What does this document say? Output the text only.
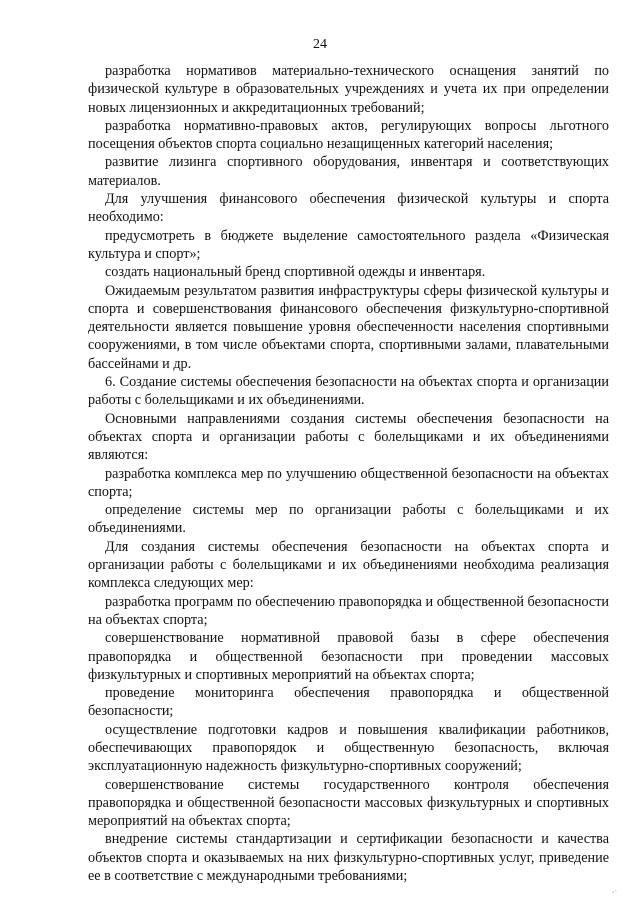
24

разработка нормативов материально-технического оснащения занятий по физической культуре в образовательных учреждениях и учета их при определении новых лицензионных и аккредитационных требований;

разработка нормативно-правовых актов, регулирующих вопросы льготного посещения объектов спорта социально незащищенных категорий населения;

развитие лизинга спортивного оборудования, инвентаря и соответствующих материалов.

Для улучшения финансового обеспечения физической культуры и спорта необходимо:

предусмотреть в бюджете выделение самостоятельного раздела «Физическая культура и спорт»;

создать национальный бренд спортивной одежды и инвентаря.

Ожидаемым результатом развития инфраструктуры сферы физической культуры и спорта и совершенствования финансового обеспечения физкультурно-спортивной деятельности является повышение уровня обеспеченности населения спортивными сооружениями, в том числе объектами спорта, спортивными залами, плавательными бассейнами и др.

6. Создание системы обеспечения безопасности на объектах спорта и организации работы с болельщиками и их объединениями.

Основными направлениями создания системы обеспечения безопасности на объектах спорта и организации работы с болельщиками и их объединениями являются:

разработка комплекса мер по улучшению общественной безопасности на объектах спорта;

определение системы мер по организации работы с болельщиками и их объединениями.

Для создания системы обеспечения безопасности на объектах спорта и организации работы с болельщиками и их объединениями необходима реализация комплекса следующих мер:

разработка программ по обеспечению правопорядка и общественной безопасности на объектах спорта;

совершенствование нормативной правовой базы в сфере обеспечения правопорядка и общественной безопасности при проведении массовых физкультурных и спортивных мероприятий на объектах спорта;

проведение мониторинга обеспечения правопорядка и общественной безопасности;

осуществление подготовки кадров и повышения квалификации работников, обеспечивающих правопорядок и общественную безопасность, включая эксплуатационную надежность физкультурно-спортивных сооружений;

совершенствование системы государственного контроля обеспечения правопорядка и общественной безопасности массовых физкультурных и спортивных мероприятий на объектах спорта;

внедрение системы стандартизации и сертификации безопасности и качества объектов спорта и оказываемых на них физкультурно-спортивных услуг, приведение ее в соответствие с международными требованиями;

⸳·
